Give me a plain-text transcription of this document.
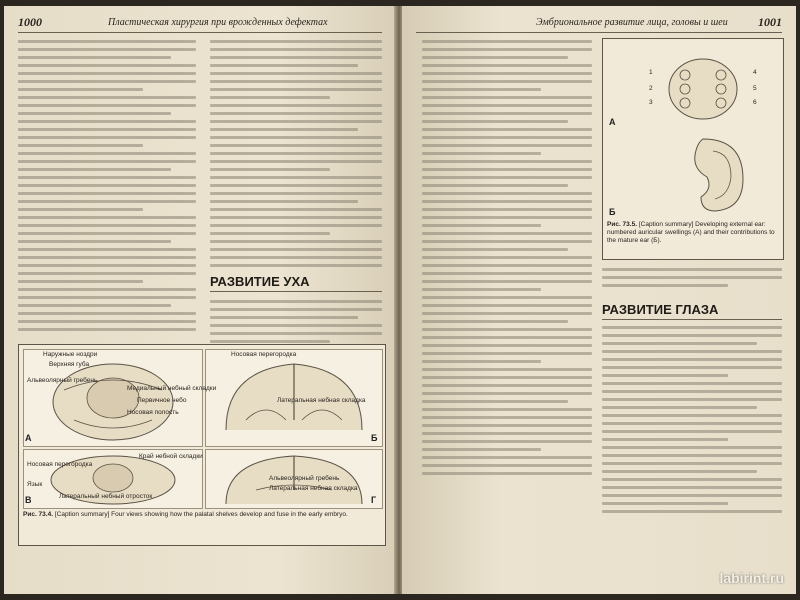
1000	Пластическая хирургия при врожденных дефектах
РАЗВИТИЕ УХА
А	Б
В	Г
Наружные ноздри
Верхняя губа
Альвеолярный гребень
Медиальный небный складки
Первичное небо
Носовая полость
Носовая перегородка
Латеральная небная складка
Край небной складки
Носовая перегородка
Язык
Латеральный небный отросток
Альвеолярный гребень
Латеральная небная складка
Рис. 73.4. [Caption summary] Four views showing how the palatal shelves develop and fuse in the early embryo.
Эмбриональное развитие лица, головы и шеи	1001
А
Б
1
2
3
4
5
6
Рис. 73.5. [Caption summary] Developing external ear: numbered auricular swellings (A) and their contributions to the mature ear (Б).
РАЗВИТИЕ ГЛАЗА
labirint.ru
